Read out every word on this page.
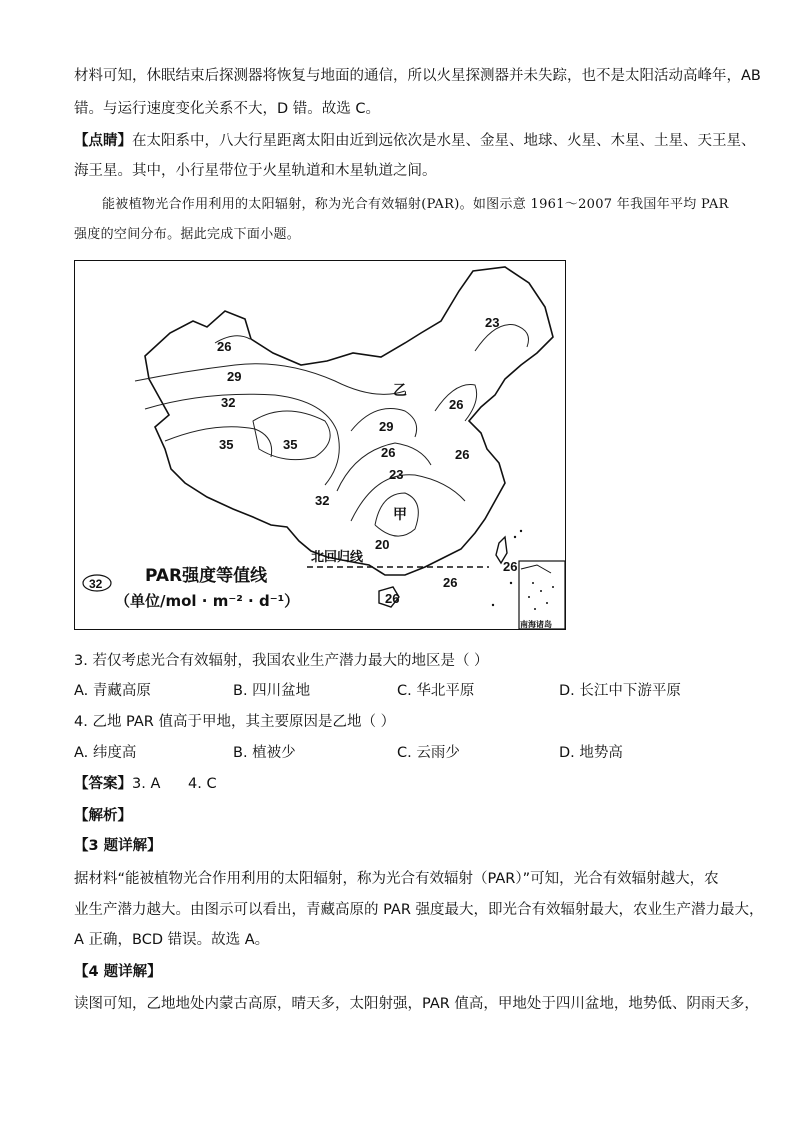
材料可知，休眠结束后探测器将恢复与地面的通信，所以火星探测器并未失踪，也不是太阳活动高峰年，AB
错。与运行速度变化关系不大，D 错。故选 C。
【点睛】在太阳系中，八大行星距离太阳由近到远依次是水星、金星、地球、火星、木星、土星、天王星、
海王星。其中，小行星带位于火星轨道和木星轨道之间。
能被植物光合作用利用的太阳辐射，称为光合有效辐射(PAR)。如图示意 1961～2007 年我国年平均 PAR
强度的空间分布。据此完成下面小题。
26
29
32
35	35
32
29
26
23
26
26
23
20
26
26
26
乙
甲
北回归线
南海诸岛
32	PAR强度等值线
（单位/mol · m⁻² · d⁻¹）
3. 若仅考虑光合有效辐射，我国农业生产潜力最大的地区是（ ）
A. 青藏高原	B. 四川盆地	C. 华北平原	D. 长江中下游平原
4. 乙地 PAR 值高于甲地，其主要原因是乙地（ ）
A. 纬度高	B. 植被少	C. 云雨少	D. 地势高
【答案】3. A      4. C
【解析】
【3 题详解】
据材料“能被植物光合作用利用的太阳辐射，称为光合有效辐射（PAR）”可知，光合有效辐射越大，农
业生产潜力越大。由图示可以看出，青藏高原的 PAR 强度最大，即光合有效辐射最大，农业生产潜力最大，
A 正确，BCD 错误。故选 A。
【4 题详解】
读图可知，乙地地处内蒙古高原，晴天多，太阳射强，PAR 值高，甲地处于四川盆地，地势低、阴雨天多，
